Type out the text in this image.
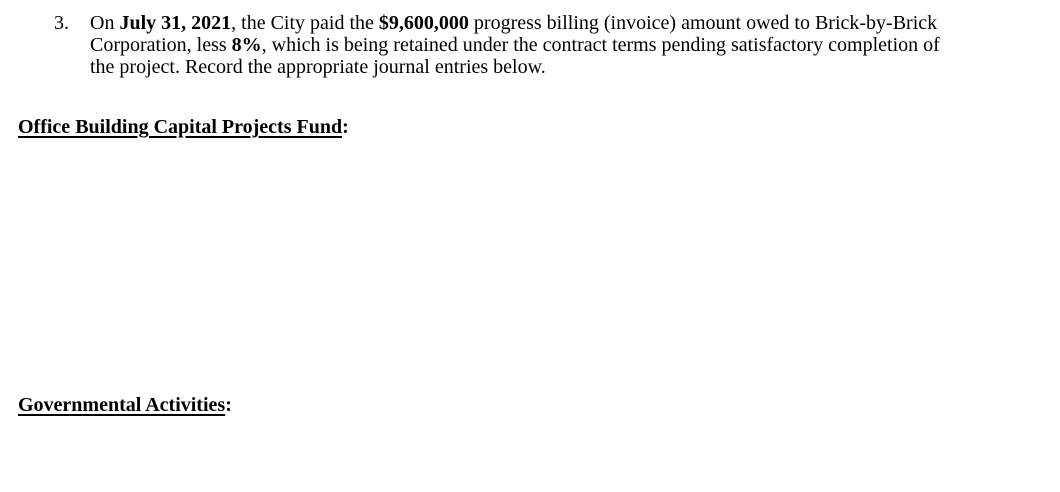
3.	On July 31, 2021, the City paid the $9,600,000 progress billing (invoice) amount owed to Brick-by-Brick
Corporation, less 8%, which is being retained under the contract terms pending satisfactory completion of
the project. Record the appropriate journal entries below.
Office Building Capital Projects Fund:
Governmental Activities:
